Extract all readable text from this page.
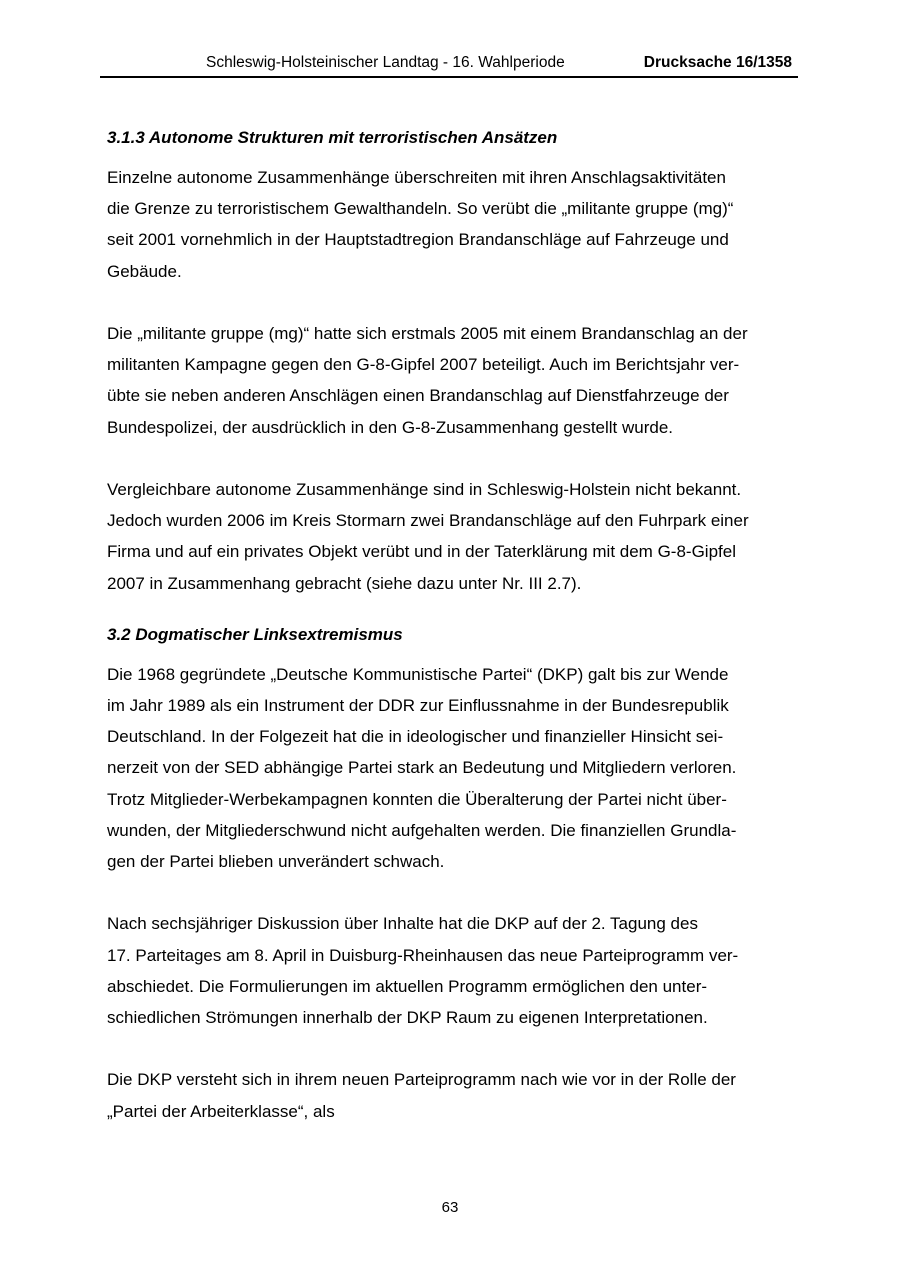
Schleswig-Holsteinischer Landtag - 16. Wahlperiode	Drucksache 16/1358
3.1.3 Autonome Strukturen mit terroristischen Ansätzen

Einzelne autonome Zusammenhänge überschreiten mit ihren Anschlagsaktivitäten
die Grenze zu terroristischem Gewalthandeln. So verübt die „militante gruppe (mg)“
seit 2001 vornehmlich in der Hauptstadtregion Brandanschläge auf Fahrzeuge und
Gebäude.

Die „militante gruppe (mg)“ hatte sich erstmals 2005 mit einem Brandanschlag an der
militanten Kampagne gegen den G-8-Gipfel 2007 beteiligt. Auch im Berichtsjahr ver-
übte sie neben anderen Anschlägen einen Brandanschlag auf Dienstfahrzeuge der
Bundespolizei, der ausdrücklich in den G-8-Zusammenhang gestellt wurde.

Vergleichbare autonome Zusammenhänge sind in Schleswig-Holstein nicht bekannt.
Jedoch wurden 2006 im Kreis Stormarn zwei Brandanschläge auf den Fuhrpark einer
Firma und auf ein privates Objekt verübt und in der Taterklärung mit dem G-8-Gipfel
2007 in Zusammenhang gebracht (siehe dazu unter Nr. III 2.7).

3.2 Dogmatischer Linksextremismus

Die 1968 gegründete „Deutsche Kommunistische Partei“ (DKP) galt bis zur Wende
im Jahr 1989 als ein Instrument der DDR zur Einflussnahme in der Bundesrepublik
Deutschland. In der Folgezeit hat die in ideologischer und finanzieller Hinsicht sei-
nerzeit von der SED abhängige Partei stark an Bedeutung und Mitgliedern verloren.
Trotz Mitglieder-Werbekampagnen konnten die Überalterung der Partei nicht über-
wunden, der Mitgliederschwund nicht aufgehalten werden. Die finanziellen Grundla-
gen der Partei blieben unverändert schwach.

Nach sechsjähriger Diskussion über Inhalte hat die DKP auf der 2. Tagung des
17. Parteitages am 8. April in Duisburg-Rheinhausen das neue Parteiprogramm ver-
abschiedet. Die Formulierungen im aktuellen Programm ermöglichen den unter-
schiedlichen Strömungen innerhalb der DKP Raum zu eigenen Interpretationen.

Die DKP versteht sich in ihrem neuen Parteiprogramm nach wie vor in der Rolle der
„Partei der Arbeiterklasse“, als

63
